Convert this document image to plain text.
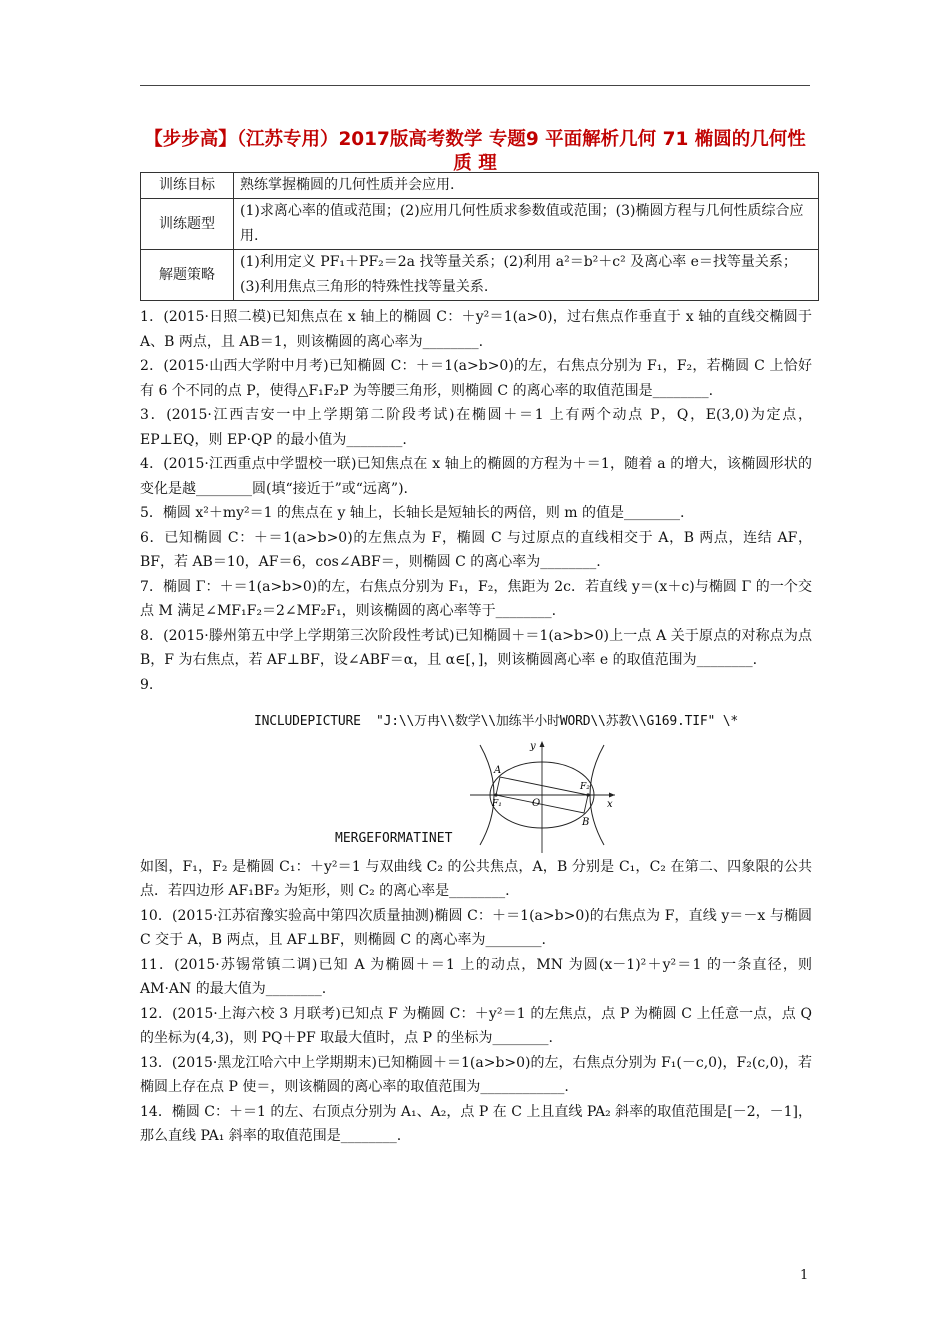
【步步高】（江苏专用）2017版高考数学 专题9 平面解析几何 71 椭圆的几何性质 理
训练目标	熟练掌握椭圆的几何性质并会应用.
训练题型	(1)求离心率的值或范围；(2)应用几何性质求参数值或范围；(3)椭圆方程与几何性质综合应用.
解题策略	(1)利用定义 PF₁＋PF₂＝2a 找等量关系；(2)利用 a²＝b²＋c² 及离心率 e＝找等量关系；(3)利用焦点三角形的特殊性找等量关系.

1．(2015·日照二模)已知焦点在 x 轴上的椭圆 C：＋y²＝1(a>0)，过右焦点作垂直于 x 轴的直线交椭圆于 A、B 两点，且 AB＝1，则该椭圆的离心率为________.

2．(2015·山西大学附中月考)已知椭圆 C：＋＝1(a>b>0)的左，右焦点分别为 F₁，F₂，若椭圆 C 上恰好有 6 个不同的点 P，使得△F₁F₂P 为等腰三角形，则椭圆 C 的离心率的取值范围是________.

3．(2015·江西吉安一中上学期第二阶段考试)在椭圆＋＝1 上有两个动点 P，Q，E(3,0)为定点，EP⊥EQ，则 EP·QP 的最小值为________.

4．(2015·江西重点中学盟校一联)已知焦点在 x 轴上的椭圆的方程为＋＝1，随着 a 的增大，该椭圆形状的变化是越________圆(填“接近于”或“远离”).

5．椭圆 x²＋my²＝1 的焦点在 y 轴上，长轴长是短轴长的两倍，则 m 的值是________.

6．已知椭圆 C：＋＝1(a>b>0)的左焦点为 F，椭圆 C 与过原点的直线相交于 A，B 两点，连结 AF，BF，若 AB＝10，AF＝6，cos∠ABF＝，则椭圆 C 的离心率为________.

7．椭圆 Γ：＋＝1(a>b>0)的左，右焦点分别为 F₁，F₂，焦距为 2c．若直线 y＝(x＋c)与椭圆 Γ 的一个交点 M 满足∠MF₁F₂＝2∠MF₂F₁，则该椭圆的离心率等于________.

8．(2015·滕州第五中学上学期第三次阶段性考试)已知椭圆＋＝1(a>b>0)上一点 A 关于原点的对称点为点 B，F 为右焦点，若 AF⊥BF，设∠ABF＝α，且 α∈[，]，则该椭圆离心率 e 的取值范围为________.

9.

INCLUDEPICTURE  "J:\\万冉\\数学\\加练半小时WORD\\苏教\\G169.TIF" \*
y
x
A
B
F₁
F₂
O
MERGEFORMATINET

如图，F₁，F₂ 是椭圆 C₁：＋y²＝1 与双曲线 C₂ 的公共焦点，A，B 分别是 C₁，C₂ 在第二、四象限的公共点．若四边形 AF₁BF₂ 为矩形，则 C₂ 的离心率是________.

10．(2015·江苏宿豫实验高中第四次质量抽测)椭圆 C：＋＝1(a>b>0)的右焦点为 F，直线 y＝－x 与椭圆 C 交于 A，B 两点，且 AF⊥BF，则椭圆 C 的离心率为________.

11．(2015·苏锡常镇二调)已知 A 为椭圆＋＝1 上的动点，MN 为圆(x－1)²＋y²＝1 的一条直径，则 AM·AN 的最大值为________.

12．(2015·上海六校 3 月联考)已知点 F 为椭圆 C：＋y²＝1 的左焦点，点 P 为椭圆 C 上任意一点，点 Q 的坐标为(4,3)，则 PQ＋PF 取最大值时，点 P 的坐标为________.

13．(2015·黑龙江哈六中上学期期末)已知椭圆＋＝1(a>b>0)的左，右焦点分别为 F₁(－c,0)，F₂(c,0)，若椭圆上存在点 P 使＝，则该椭圆的离心率的取值范围为____________.

14．椭圆 C：＋＝1 的左、右顶点分别为 A₁、A₂，点 P 在 C 上且直线 PA₂ 斜率的取值范围是[－2，－1]，那么直线 PA₁ 斜率的取值范围是________.

1
